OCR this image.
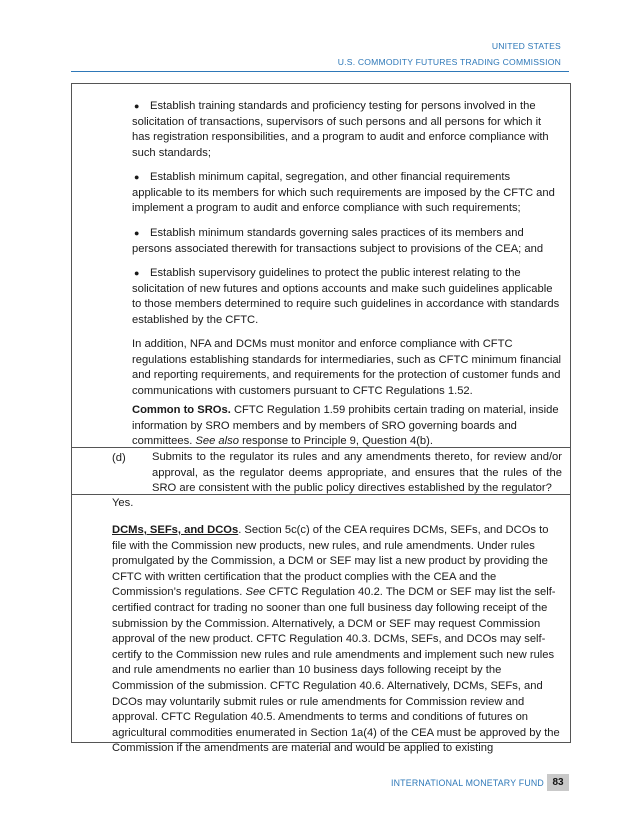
UNITED STATES
U.S. COMMODITY FUTURES TRADING COMMISSION
● Establish training standards and proficiency testing for persons involved in the solicitation of transactions, supervisors of such persons and all persons for which it has registration responsibilities, and a program to audit and enforce compliance with such standards;

● Establish minimum capital, segregation, and other financial requirements applicable to its members for which such requirements are imposed by the CFTC and implement a program to audit and enforce compliance with such requirements;

● Establish minimum standards governing sales practices of its members and persons associated therewith for transactions subject to provisions of the CEA; and

● Establish supervisory guidelines to protect the public interest relating to the solicitation of new futures and options accounts and make such guidelines applicable to those members determined to require such guidelines in accordance with standards established by the CFTC.

In addition, NFA and DCMs must monitor and enforce compliance with CFTC regulations establishing standards for intermediaries, such as CFTC minimum financial and reporting requirements, and requirements for the protection of customer funds and communications with customers pursuant to CFTC Regulations 1.52.

Common to SROs. CFTC Regulation 1.59 prohibits certain trading on material, inside information by SRO members and by members of SRO governing boards and committees. See also response to Principle 9, Question 4(b).

(d) Submits to the regulator its rules and any amendments thereto, for review and/or approval, as the regulator deems appropriate, and ensures that the rules of the SRO are consistent with the public policy directives established by the regulator?

Yes.

DCMs, SEFs, and DCOs. Section 5c(c) of the CEA requires DCMs, SEFs, and DCOs to file with the Commission new products, new rules, and rule amendments. Under rules promulgated by the Commission, a DCM or SEF may list a new product by providing the CFTC with written certification that the product complies with the CEA and the Commission’s regulations. See CFTC Regulation 40.2. The DCM or SEF may list the self-certified contract for trading no sooner than one full business day following receipt of the submission by the Commission. Alternatively, a DCM or SEF may request Commission approval of the new product. CFTC Regulation 40.3. DCMs, SEFs, and DCOs may self-certify to the Commission new rules and rule amendments and implement such new rules and rule amendments no earlier than 10 business days following receipt by the Commission of the submission. CFTC Regulation 40.6. Alternatively, DCMs, SEFs, and DCOs may voluntarily submit rules or rule amendments for Commission review and approval. CFTC Regulation 40.5. Amendments to terms and conditions of futures on agricultural commodities enumerated in Section 1a(4) of the CEA must be approved by the Commission if the amendments are material and would be applied to existing

INTERNATIONAL MONETARY FUND 83
